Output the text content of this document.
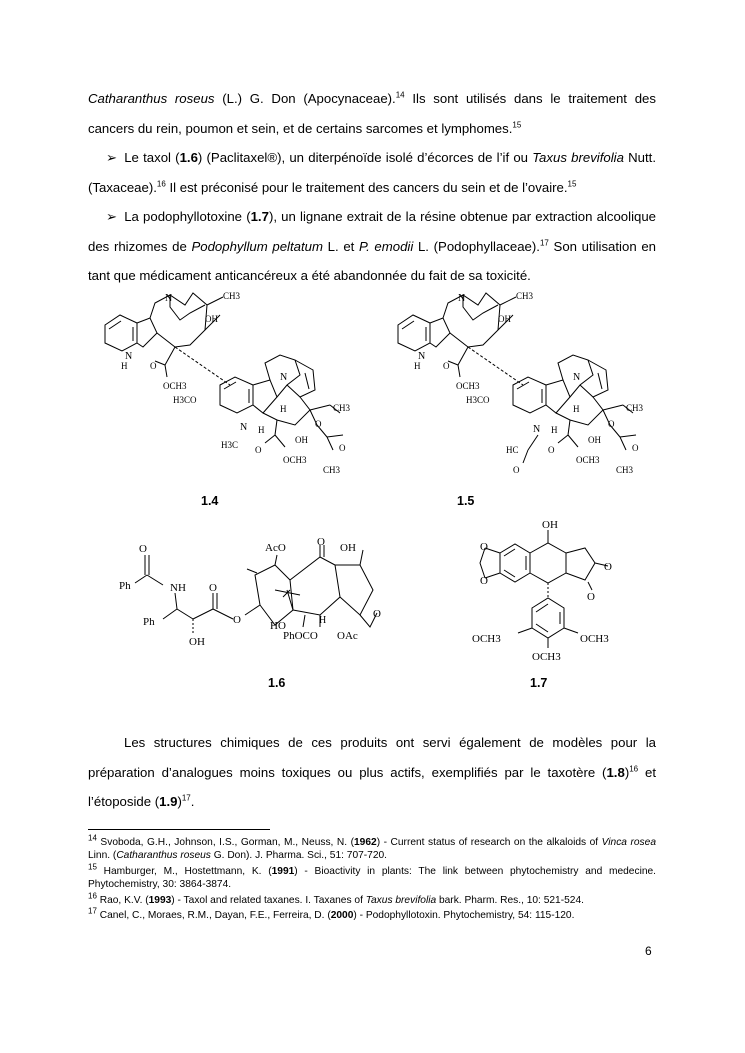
Catharanthus roseus (L.) G. Don (Apocynaceae).$^{14}$ Ils sont utilisés dans le traitement des cancers du rein, poumon et sein, et de certains sarcomes et lymphomes.$^{15}$
➢ Le taxol (1.6) (Paclitaxel®), un diterpénoïde isolé d’écorces de l’if ou Taxus brevifolia Nutt. (Taxaceae).$^{16}$ Il est préconisé pour le traitement des cancers du sein et de l’ovaire.$^{15}$
➢ La podophyllotoxine (1.7), un lignane extrait de la résine obtenue par extraction alcoolique des rhizomes de Podophyllum peltatum L. et P. emodii L. (Podophyllaceae).$^{17}$ Son utilisation en tant que médicament anticancéreux a été abandonnée du fait de sa toxicité.
N	CH3
OH
N
H	O
OCH3
H3CO
N
H	CH3
N H
O
OH
H3C O
OCH3
O
CH3
N	CH3
OH
N
H	O
OCH3
H3CO
N
H	CH3
N H
O
OH
HC
O
O
OCH3
O
CH3
1.4	1.5
O
Ph	NH O
Ph
OH
O
AcO	O OH
HO
PhOCO
H
OAc
O
OH
O
O
O
O
OCH3	OCH3
OCH3
1.6	1.7
Les structures chimiques de ces produits ont servi également de modèles pour la préparation d’analogues moins toxiques ou plus actifs, exemplifiés par le taxotère $(1.8)^{16}$ et l’étoposide $(1.9)^{17}$.
$^{14}$ Svoboda, G.H., Johnson, I.S., Gorman, M., Neuss, N. (1962) - Current status of research on the alkaloids of Vinca rosea Linn. (Catharanthus roseus G. Don). J. Pharma. Sci., 51: 707-720.
$^{15}$ Hamburger, M., Hostettmann, K. (1991) - Bioactivity in plants: The link between phytochemistry and medecine. Phytochemistry, 30: 3864-3874.
$^{16}$ Rao, K.V. (1993) - Taxol and related taxanes. I. Taxanes of Taxus brevifolia bark. Pharm. Res., 10: 521-524.
$^{17}$ Canel, C., Moraes, R.M., Dayan, F.E., Ferreira, D. (2000) - Podophyllotoxin. Phytochemistry, 54: 115-120.
6
